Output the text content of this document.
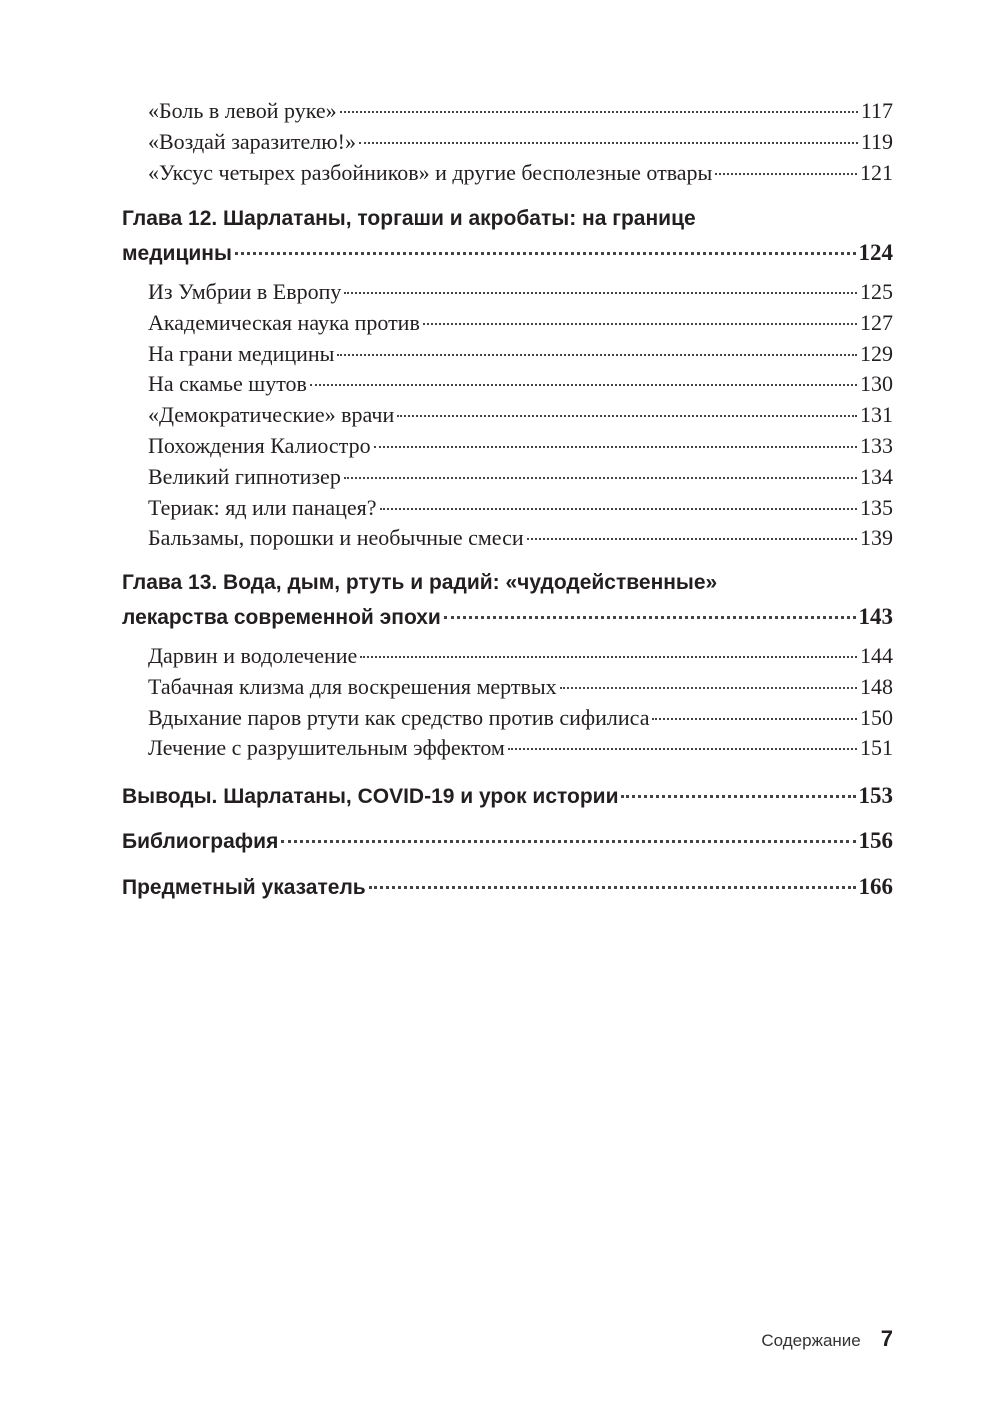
«Боль в левой руке»	117
«Воздай заразителю!»	119
«Уксус четырех разбойников» и другие бесполезные отвары	121
Глава 12. Шарлатаны, торгаши и акробаты: на границе
медицины	124
Из Умбрии в Европу	125
Академическая наука против	127
На грани медицины	129
На скамье шутов	130
«Демократические» врачи	131
Похождения Калиостро	133
Великий гипнотизер	134
Териак: яд или панацея?	135
Бальзамы, порошки и необычные смеси	139
Глава 13. Вода, дым, ртуть и радий: «чудодейственные»
лекарства современной эпохи	143
Дарвин и водолечение	144
Табачная клизма для воскрешения мертвых	148
Вдыхание паров ртути как средство против сифилиса	150
Лечение с разрушительным эффектом	151
Выводы. Шарлатаны, COVID-19 и урок истории	153
Библиография	156
Предметный указатель	166
Содержание 7
